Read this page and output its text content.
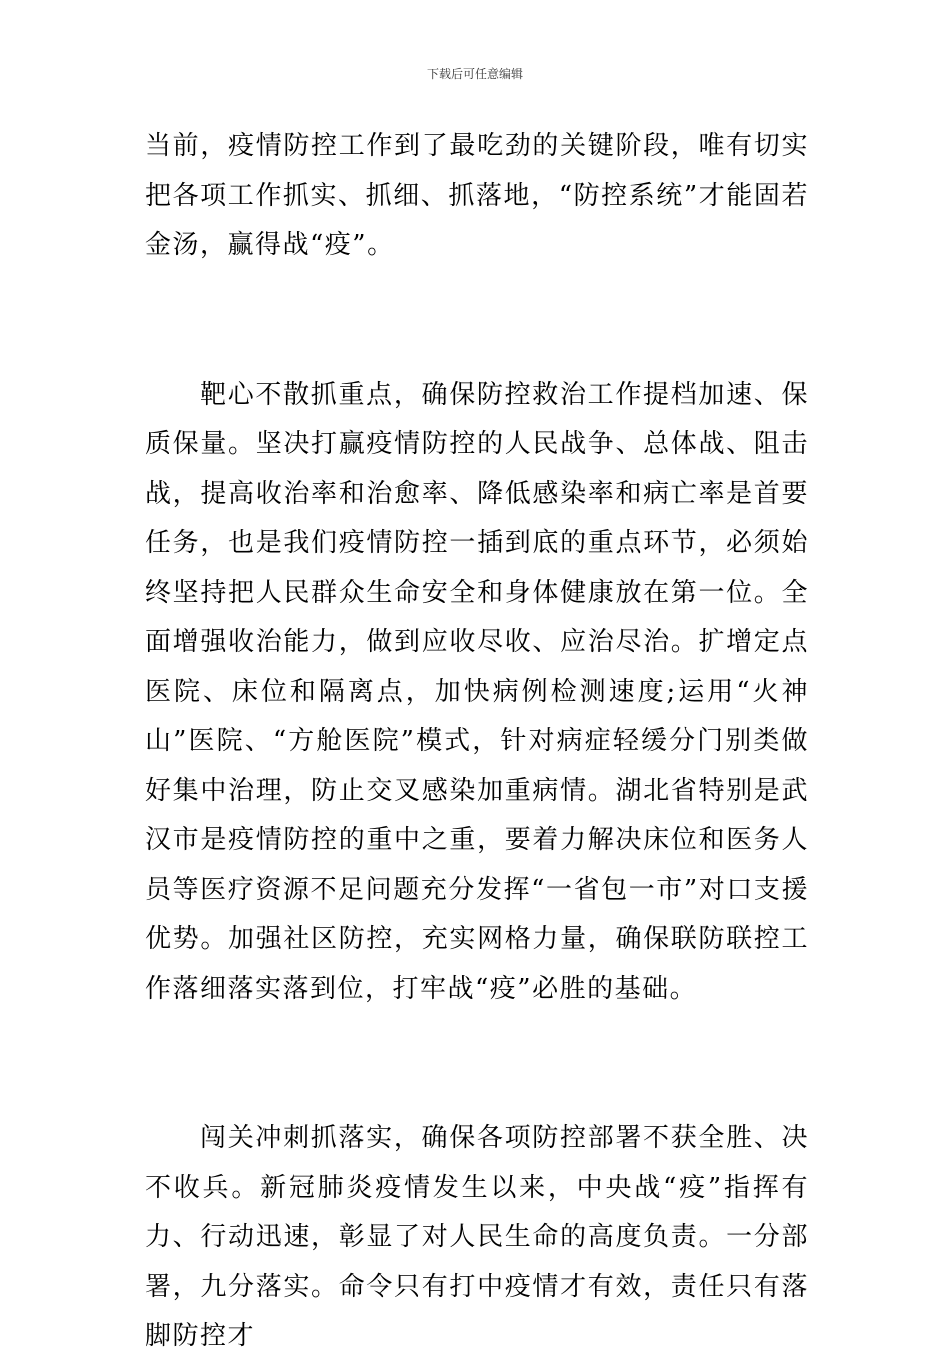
下载后可任意编辑

当前，疫情防控工作到了最吃劲的关键阶段，唯有切实把各项工作抓实、抓细、抓落地，“防控系统”才能固若金汤，赢得战“疫”。

靶心不散抓重点，确保防控救治工作提档加速、保质保量。坚决打赢疫情防控的人民战争、总体战、阻击战，提高收治率和治愈率、降低感染率和病亡率是首要任务，也是我们疫情防控一插到底的重点环节，必须始终坚持把人民群众生命安全和身体健康放在第一位。全面增强收治能力，做到应收尽收、应治尽治。扩增定点医院、床位和隔离点，加快病例检测速度;运用“火神山”医院、“方舱医院”模式，针对病症轻缓分门别类做好集中治理，防止交叉感染加重病情。湖北省特别是武汉市是疫情防控的重中之重，要着力解决床位和医务人员等医疗资源不足问题充分发挥“一省包一市”对口支援优势。加强社区防控，充实网格力量，确保联防联控工作落细落实落到位，打牢战“疫”必胜的基础。

闯关冲刺抓落实，确保各项防控部署不获全胜、决不收兵。新冠肺炎疫情发生以来，中央战“疫”指挥有力、行动迅速，彰显了对人民生命的高度负责。一分部署，九分落实。命令只有打中疫情才有效，责任只有落脚防控才
